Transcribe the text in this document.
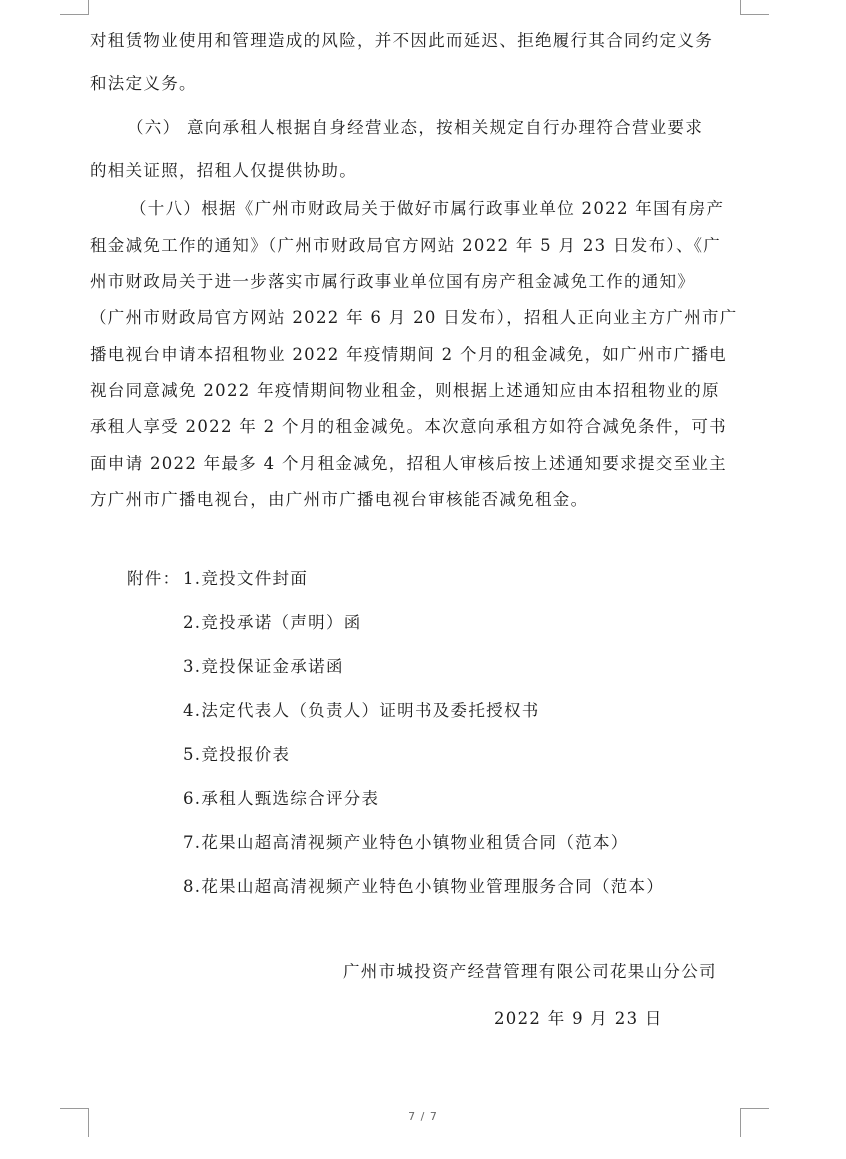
对租赁物业使用和管理造成的风险，并不因此而延迟、拒绝履行其合同约定义务
和法定义务。
（六） 意向承租人根据自身经营业态，按相关规定自行办理符合营业要求
的相关证照，招租人仅提供协助。
（十八）根据《广州市财政局关于做好市属行政事业单位 2022 年国有房产
租金减免工作的通知》（广州市财政局官方网站 2022 年 5 月 23 日发布）、《广
州市财政局关于进一步落实市属行政事业单位国有房产租金减免工作的通知》
（广州市财政局官方网站 2022 年 6 月 20 日发布），招租人正向业主方广州市广
播电视台申请本招租物业 2022 年疫情期间 2 个月的租金减免，如广州市广播电
视台同意减免 2022 年疫情期间物业租金，则根据上述通知应由本招租物业的原
承租人享受 2022 年 2 个月的租金减免。本次意向承租方如符合减免条件，可书
面申请 2022 年最多 4 个月租金减免，招租人审核后按上述通知要求提交至业主
方广州市广播电视台，由广州市广播电视台审核能否减免租金。
附件： 1.竞投文件封面
2.竞投承诺（声明）函
3.竞投保证金承诺函
4.法定代表人（负责人）证明书及委托授权书
5.竞投报价表
6.承租人甄选综合评分表
7.花果山超高清视频产业特色小镇物业租赁合同（范本）
8.花果山超高清视频产业特色小镇物业管理服务合同（范本）
广州市城投资产经营管理有限公司花果山分公司
2022 年 9 月 23 日
7 / 7
